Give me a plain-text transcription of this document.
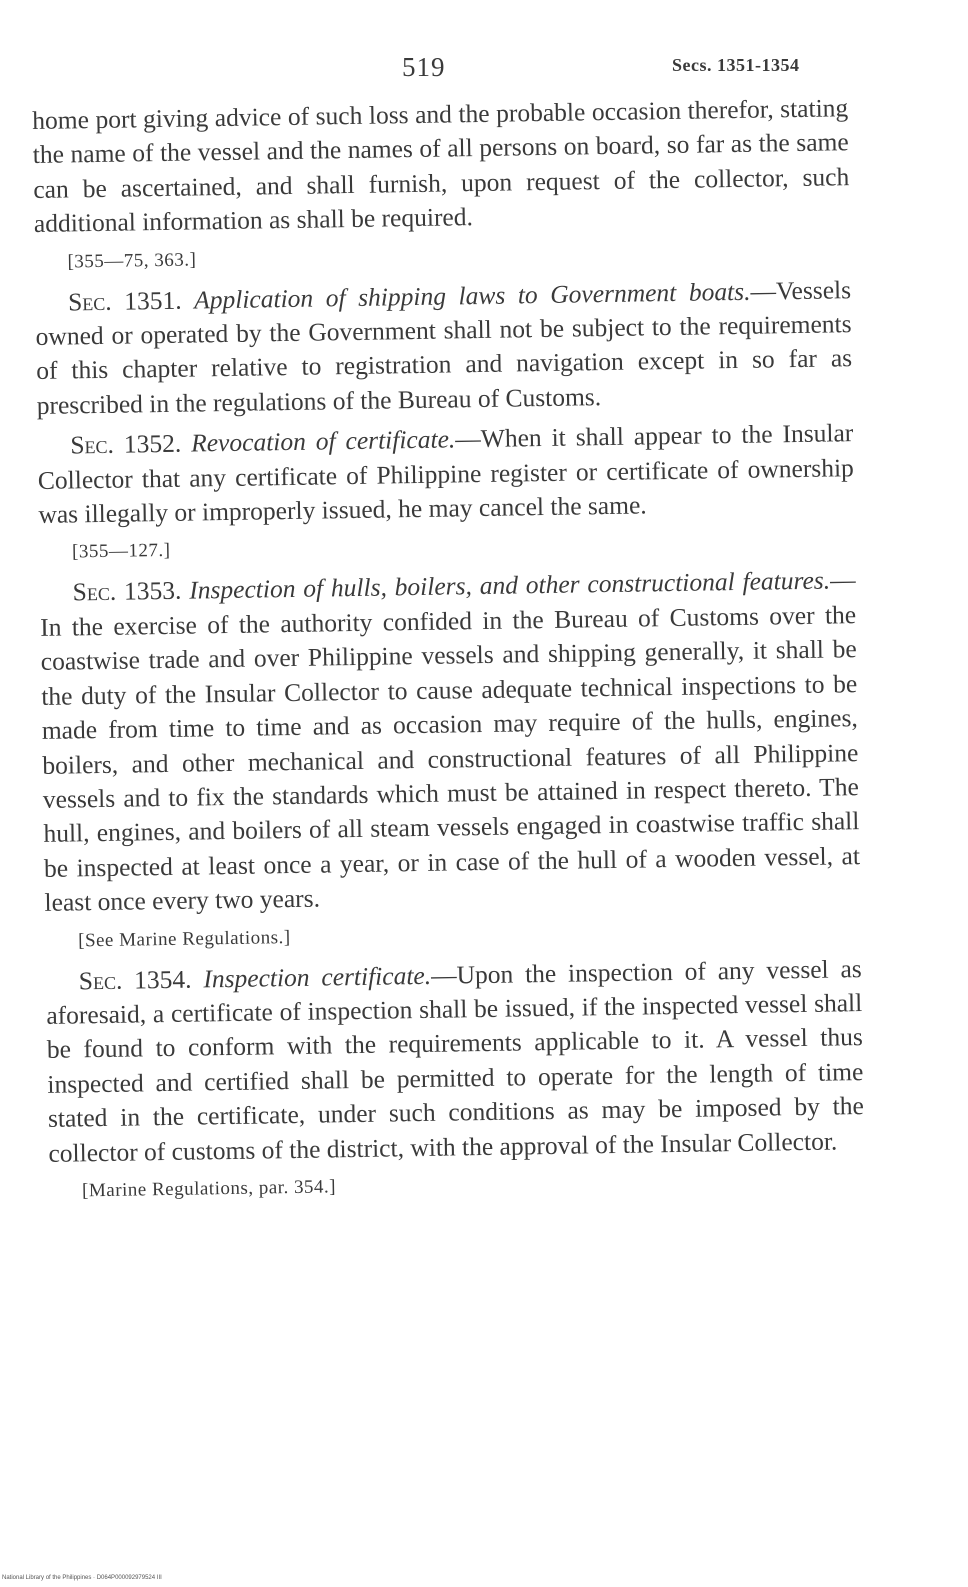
519	Secs. 1351-1354

home port giving advice of such loss and the probable occasion therefor, stating the name of the vessel and the names of all persons on board, so far as the same can be ascertained, and shall furnish, upon request of the collector, such additional information as shall be required.

[355—75, 363.]

Sec. 1351. Application of shipping laws to Government boats.—Vessels owned or operated by the Government shall not be subject to the requirements of this chapter relative to registration and navigation except in so far as prescribed in the regulations of the Bureau of Customs.

Sec. 1352. Revocation of certificate.—When it shall appear to the Insular Collector that any certificate of Philippine register or certificate of ownership was illegally or improperly issued, he may cancel the same.

[355—127.]

Sec. 1353. Inspection of hulls, boilers, and other constructional features.—In the exercise of the authority confided in the Bureau of Customs over the coastwise trade and over Philippine vessels and shipping generally, it shall be the duty of the Insular Collector to cause adequate technical inspections to be made from time to time and as occasion may require of the hulls, engines, boilers, and other mechanical and constructional features of all Philippine vessels and to fix the standards which must be attained in respect thereto. The hull, engines, and boilers of all steam vessels engaged in coastwise traffic shall be inspected at least once a year, or in case of the hull of a wooden vessel, at least once every two years.

[See Marine Regulations.]

Sec. 1354. Inspection certificate.—Upon the inspection of any vessel as aforesaid, a certificate of inspection shall be issued, if the inspected vessel shall be found to conform with the requirements applicable to it. A vessel thus inspected and certified shall be permitted to operate for the length of time stated in the certificate, under such conditions as may be imposed by the collector of customs of the district, with the approval of the Insular Collector.

[Marine Regulations, par. 354.]
National Library of the Philippines · D064P000092979524 III
